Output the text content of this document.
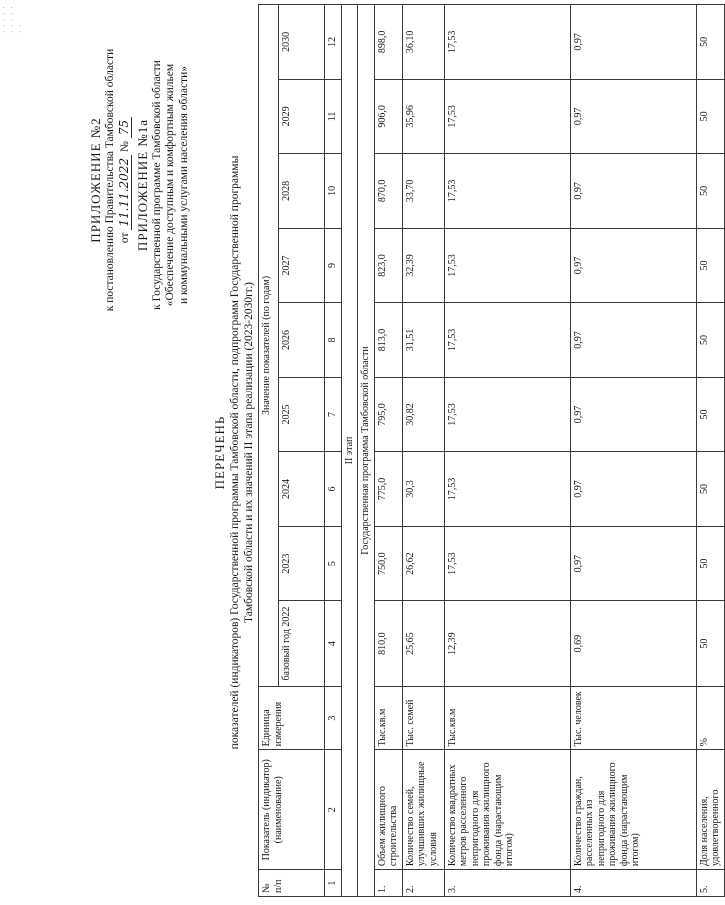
· · · · · · · · · · · ·
ПРИЛОЖЕНИЕ №2 к постановлению Правительства Тамбовской области от 11.11.2022 № 75 ПРИЛОЖЕНИЕ №1а к Государственной программе Тамбовской области «Обеспечение доступным и комфортным жильем и коммунальными услугами населения области»
ПЕРЕЧЕНЬ показателей (индикаторов) Государственной программы Тамбовской области, подпрограмм Государственной программы Тамбовской области и их значений II этапа реализации (2023-2030гг.)
№ п/п	Показатель (индикатор) (наименование)	Единица измерения	Значение показателей (по годам)								
			базовый год 2022	2023	2024	2025	2026	2027	2028	2029	2030
1	2	3	4	5	6	7	8	9	10	11	12
II этап											
Государственная программа Тамбовской области											
1.	Объем жилищного строительства	Тыс.кв.м	810,0	750,0	775,0	795,0	813,0	823,0	870,0	906,0	898,0
2.	Количество семей, улучшивших жилищные условия	Тыс. семей	25,65	26,62	30,3	30,82	31,51	32,39	33,70	35,96	36,10
3.	Количество квадратных метров расселенного непригодного для проживания жилищного фонда (нарастающим итогом)	Тыс.кв.м	12,39	17,53	17,53	17,53	17,53	17,53	17,53	17,53	17,53
4.	Количество граждан, расселенных из непригодного для проживания жилищного фонда (нарастающим итогом)	Тыс. человек	0,69	0,97	0,97	0,97	0,97	0,97	0,97	0,97	0,97
5.	Доля населения, удовлетворенного	%	50	50	50	50	50	50	50	50	50
